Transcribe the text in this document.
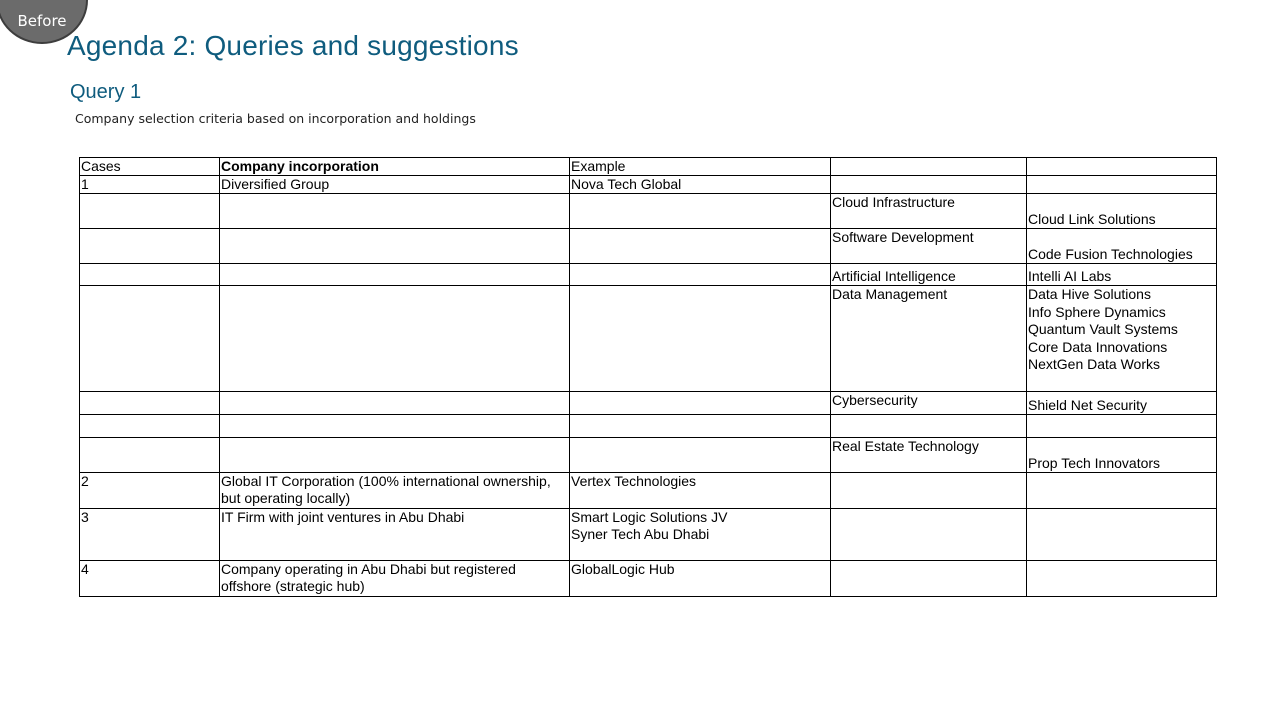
Before
Agenda 2: Queries and suggestions
Query 1

Company selection criteria based on incorporation and holdings

Cases	Company incorporation	Example		
1	Diversified Group	Nova Tech Global		
			Cloud Infrastructure	Cloud Link Solutions
			Software Development	Code Fusion Technologies
			Artificial Intelligence	Intelli AI Labs
			Data Management	Data Hive Solutions
Info Sphere Dynamics
Quantum Vault Systems
Core Data Innovations
NextGen Data Works

			Cybersecurity	Shield Net Security

			Real Estate Technology	Prop Tech Innovators
2	Global IT Corporation (100% international ownership, but operating locally)	Vertex Technologies		
3	IT Firm with joint ventures in Abu Dhabi	Smart Logic Solutions JV
Syner Tech Abu Dhabi		

4	Company operating in Abu Dhabi but registered offshore (strategic hub)	GlobalLogic Hub		
